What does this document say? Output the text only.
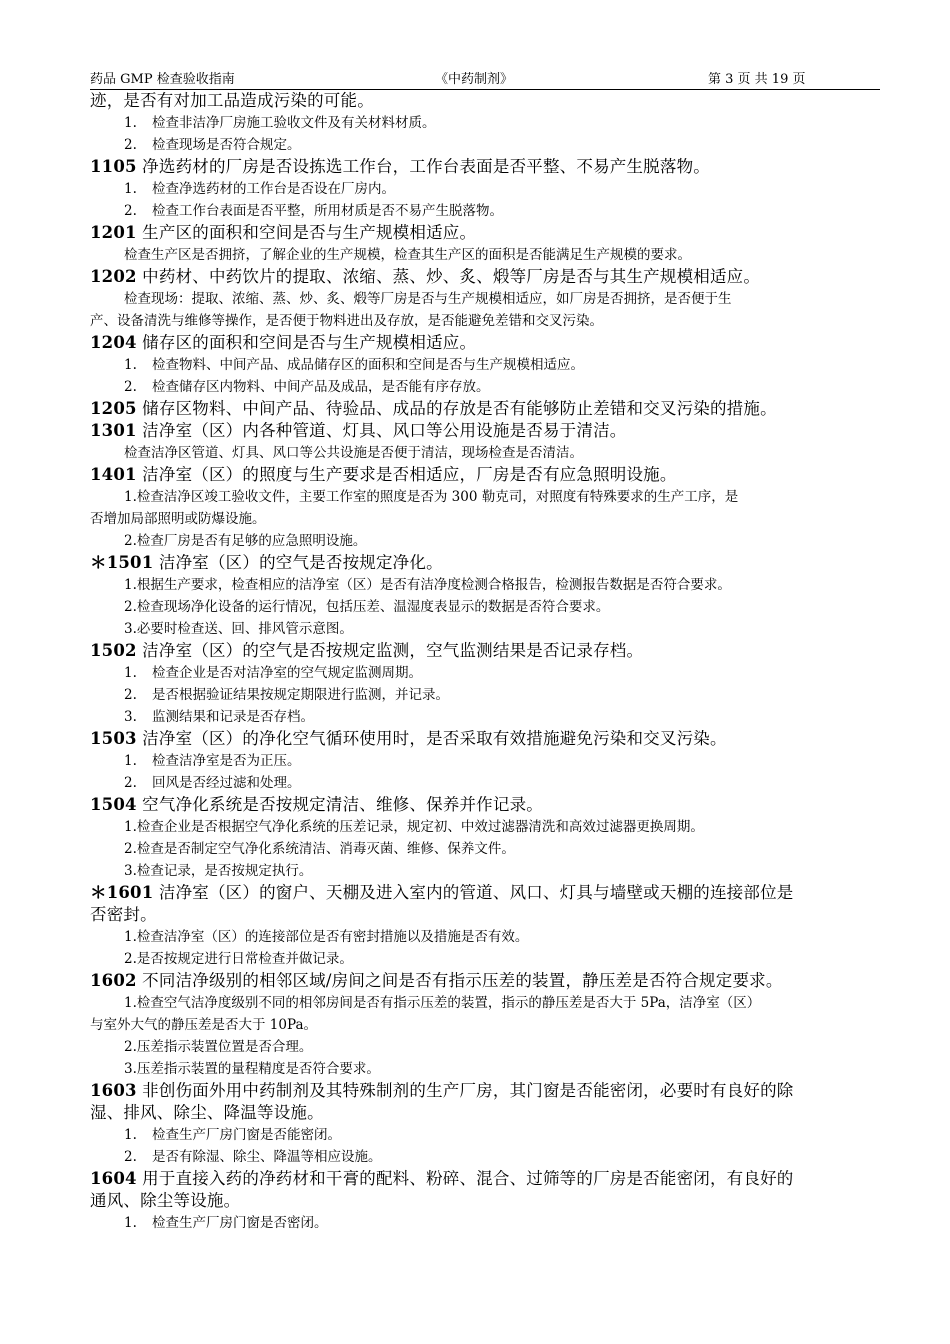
药品 GMP 检查验收指南	《中药制剂》	第 3 页 共 19 页
迹，是否有对加工品造成污染的可能。
1. 检查非洁净厂房施工验收文件及有关材料材质。
2. 检查现场是否符合规定。
1105 净选药材的厂房是否设拣选工作台，工作台表面是否平整、不易产生脱落物。
1. 检查净选药材的工作台是否设在厂房内。
2. 检查工作台表面是否平整，所用材质是否不易产生脱落物。
1201 生产区的面积和空间是否与生产规模相适应。
检查生产区是否拥挤，了解企业的生产规模，检查其生产区的面积是否能满足生产规模的要求。
1202 中药材、中药饮片的提取、浓缩、蒸、炒、炙、煅等厂房是否与其生产规模相适应。
检查现场：提取、浓缩、蒸、炒、炙、煅等厂房是否与生产规模相适应，如厂房是否拥挤，是否便于生
产、设备清洗与维修等操作，是否便于物料进出及存放，是否能避免差错和交叉污染。
1204 储存区的面积和空间是否与生产规模相适应。
1. 检查物料、中间产品、成品储存区的面积和空间是否与生产规模相适应。
2. 检查储存区内物料、中间产品及成品，是否能有序存放。
1205 储存区物料、中间产品、待验品、成品的存放是否有能够防止差错和交叉污染的措施。
1301 洁净室（区）内各种管道、灯具、风口等公用设施是否易于清洁。
检查洁净区管道、灯具、风口等公共设施是否便于清洁，现场检查是否清洁。
1401 洁净室（区）的照度与生产要求是否相适应，厂房是否有应急照明设施。
1.检查洁净区竣工验收文件，主要工作室的照度是否为 300 勒克司，对照度有特殊要求的生产工序，是
否增加局部照明或防爆设施。
2.检查厂房是否有足够的应急照明设施。
＊1501 洁净室（区）的空气是否按规定净化。
1.根据生产要求，检查相应的洁净室（区）是否有洁净度检测合格报告，检测报告数据是否符合要求。
2.检查现场净化设备的运行情况，包括压差、温湿度表显示的数据是否符合要求。
3.必要时检查送、回、排风管示意图。
1502 洁净室（区）的空气是否按规定监测，空气监测结果是否记录存档。
1. 检查企业是否对洁净室的空气规定监测周期。
2. 是否根据验证结果按规定期限进行监测，并记录。
3. 监测结果和记录是否存档。
1503 洁净室（区）的净化空气循环使用时，是否采取有效措施避免污染和交叉污染。
1. 检查洁净室是否为正压。
2. 回风是否经过滤和处理。
1504 空气净化系统是否按规定清洁、维修、保养并作记录。
1.检查企业是否根据空气净化系统的压差记录，规定初、中效过滤器清洗和高效过滤器更换周期。
2.检查是否制定空气净化系统清洁、消毒灭菌、维修、保养文件。
3.检查记录，是否按规定执行。
＊1601 洁净室（区）的窗户、天棚及进入室内的管道、风口、灯具与墙壁或天棚的连接部位是
否密封。
1.检查洁净室（区）的连接部位是否有密封措施以及措施是否有效。
2.是否按规定进行日常检查并做记录。
1602 不同洁净级别的相邻区域/房间之间是否有指示压差的装置，静压差是否符合规定要求。
1.检查空气洁净度级别不同的相邻房间是否有指示压差的装置，指示的静压差是否大于 5Pa，洁净室（区）
与室外大气的静压差是否大于 10Pa。
2.压差指示装置位置是否合理。
3.压差指示装置的量程精度是否符合要求。
1603 非创伤面外用中药制剂及其特殊制剂的生产厂房，其门窗是否能密闭，必要时有良好的除
湿、排风、除尘、降温等设施。
1. 检查生产厂房门窗是否能密闭。
2. 是否有除湿、除尘、降温等相应设施。
1604 用于直接入药的净药材和干膏的配料、粉碎、混合、过筛等的厂房是否能密闭，有良好的
通风、除尘等设施。
1. 检查生产厂房门窗是否密闭。
